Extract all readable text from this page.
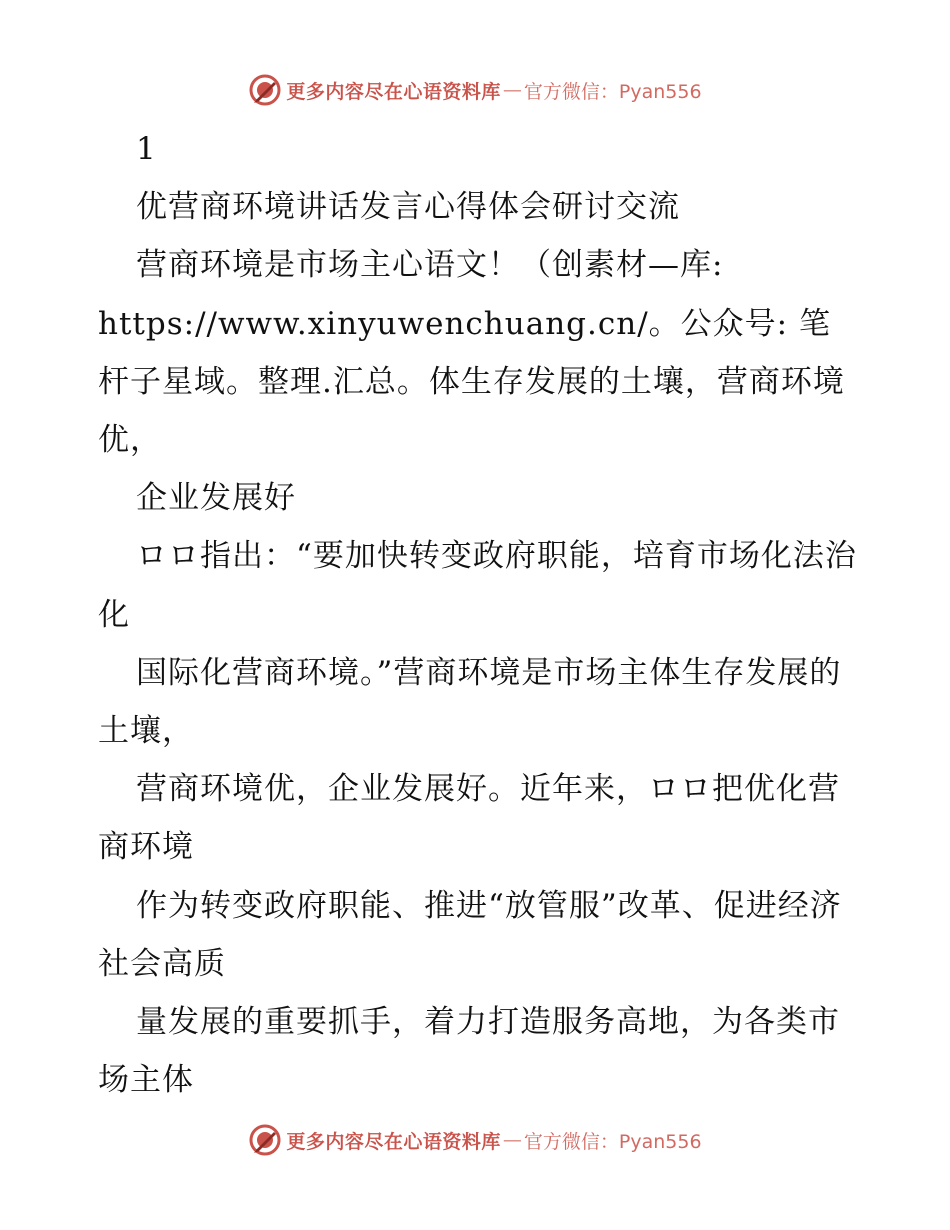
更多内容尽在心语资料库 — 官方微信：Pyan556

1

优营商环境讲话发言心得体会研讨交流

营商环境是市场主心语文！（创素材—库:

https://www.xinyuwenchuang.cn/。公众号: 笔杆子星域。整理.汇总。体生存发展的土壤，营商环境优，

企业发展好

ロロ指出：“要加快转变政府职能，培育市场化法治化

国际化营商环境。”营商环境是市场主体生存发展的土壤，

营商环境优，企业发展好。近年来，ロロ把优化营商环境

作为转变政府职能、推进“放管服”改革、促进经济社会高质

量发展的重要抓手，着力打造服务高地，为各类市场主体

更多内容尽在心语资料库 — 官方微信：Pyan556
